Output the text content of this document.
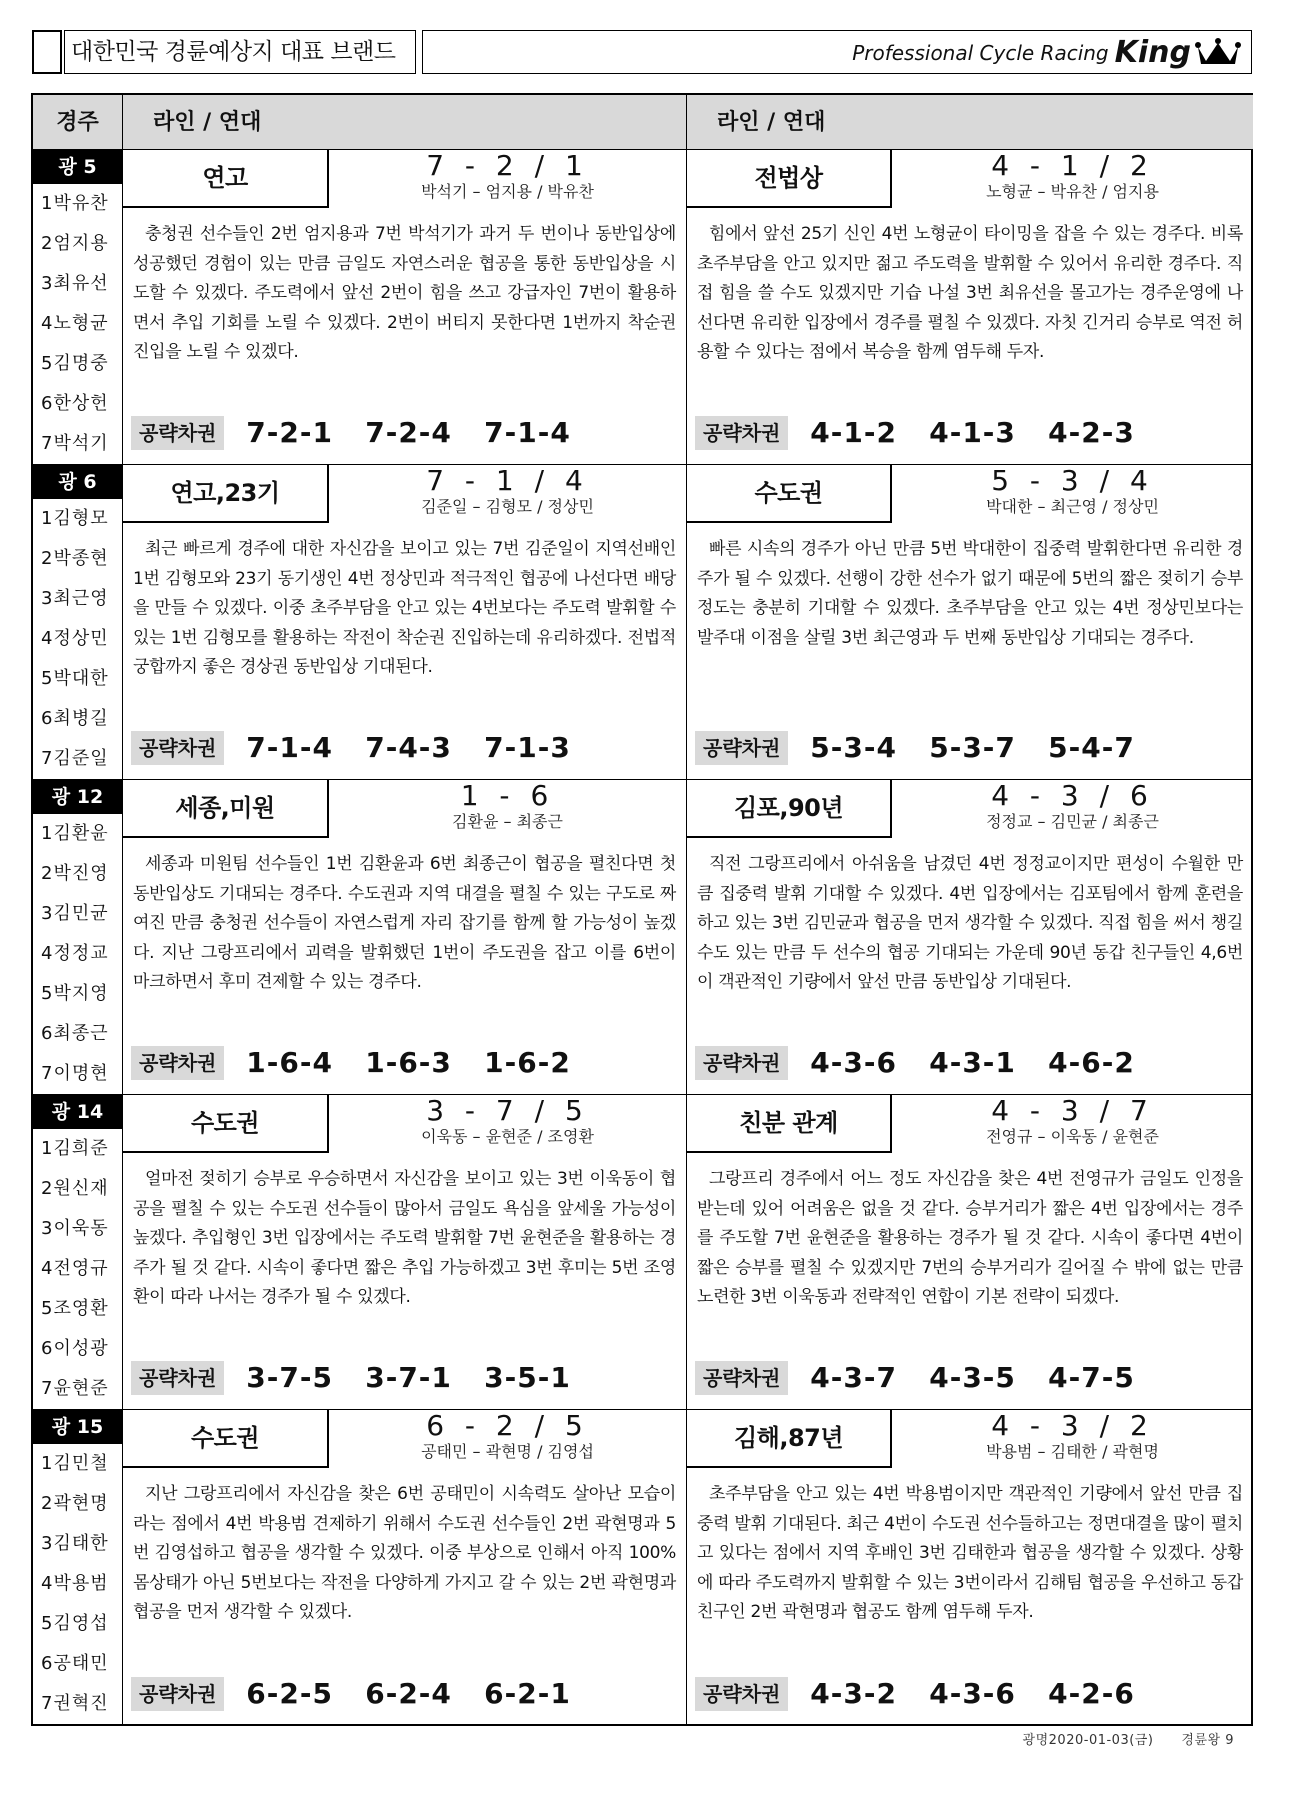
대한민국 경륜예상지 대표 브랜드	Professional Cycle Racing King
경주	라인 / 연대	라인 / 연대
광 5
1박유찬
2엄지용
3최유선
4노형균
5김명중
6한상헌
7박석기
연고	7 - 2 / 1
박석기 – 엄지용 / 박유찬
충청권 선수들인 2번 엄지용과 7번 박석기가 과거 두 번이나 동반입상에 성공했던 경험이 있는 만큼 금일도 자연스러운 협공을 통한 동반입상을 시도할 수 있겠다. 주도력에서 앞선 2번이 힘을 쓰고 강급자인 7번이 활용하면서 추입 기회를 노릴 수 있겠다. 2번이 버티지 못한다면 1번까지 착순권 진입을 노릴 수 있겠다.
공략차권 7-2-1   7-2-4   7-1-4
전법상	4 - 1 / 2
노형균 – 박유찬 / 엄지용
힘에서 앞선 25기 신인 4번 노형균이 타이밍을 잡을 수 있는 경주다. 비록 초주부담을 안고 있지만 젊고 주도력을 발휘할 수 있어서 유리한 경주다. 직접 힘을 쓸 수도 있겠지만 기습 나설 3번 최유선을 몰고가는 경주운영에 나선다면 유리한 입장에서 경주를 펼칠 수 있겠다. 자칫 긴거리 승부로 역전 허용할 수 있다는 점에서 복승을 함께 염두해 두자.
공략차권 4-1-2   4-1-3   4-2-3
광 6
1김형모
2박종현
3최근영
4정상민
5박대한
6최병길
7김준일
연고,23기	7 - 1 / 4
김준일 – 김형모 / 정상민
최근 빠르게 경주에 대한 자신감을 보이고 있는 7번 김준일이 지역선배인 1번 김형모와 23기 동기생인 4번 정상민과 적극적인 협공에 나선다면 배당을 만들 수 있겠다. 이중 초주부담을 안고 있는 4번보다는 주도력 발휘할 수 있는 1번 김형모를 활용하는 작전이 착순권 진입하는데 유리하겠다. 전법적 궁합까지 좋은 경상권 동반입상 기대된다.
공략차권 7-1-4   7-4-3   7-1-3
수도권	5 - 3 / 4
박대한 – 최근영 / 정상민
빠른 시속의 경주가 아닌 만큼 5번 박대한이 집중력 발휘한다면 유리한 경주가 될 수 있겠다. 선행이 강한 선수가 없기 때문에 5번의 짧은 젖히기 승부 정도는 충분히 기대할 수 있겠다. 초주부담을 안고 있는 4번 정상민보다는 발주대 이점을 살릴 3번 최근영과 두 번째 동반입상 기대되는 경주다.
공략차권 5-3-4   5-3-7   5-4-7
광 12
1김환윤
2박진영
3김민균
4정정교
5박지영
6최종근
7이명현
세종,미원	1 - 6
김환윤 – 최종근
세종과 미원팀 선수들인 1번 김환윤과 6번 최종근이 협공을 펼친다면 첫 동반입상도 기대되는 경주다. 수도권과 지역 대결을 펼칠 수 있는 구도로 짜여진 만큼 충청권 선수들이 자연스럽게 자리 잡기를 함께 할 가능성이 높겠다. 지난 그랑프리에서 괴력을 발휘했던 1번이 주도권을 잡고 이를 6번이 마크하면서 후미 견제할 수 있는 경주다.
공략차권 1-6-4   1-6-3   1-6-2
김포,90년	4 - 3 / 6
정정교 – 김민균 / 최종근
직전 그랑프리에서 아쉬움을 남겼던 4번 정정교이지만 편성이 수월한 만큼 집중력 발휘 기대할 수 있겠다. 4번 입장에서는 김포팀에서 함께 훈련을 하고 있는 3번 김민균과 협공을 먼저 생각할 수 있겠다. 직접 힘을 써서 챙길 수도 있는 만큼 두 선수의 협공 기대되는 가운데 90년 동갑 친구들인 4,6번이 객관적인 기량에서 앞선 만큼 동반입상 기대된다.
공략차권 4-3-6   4-3-1   4-6-2
광 14
1김희준
2원신재
3이욱동
4전영규
5조영환
6이성광
7윤현준
수도권	3 - 7 / 5
이욱동 – 윤현준 / 조영환
얼마전 젖히기 승부로 우승하면서 자신감을 보이고 있는 3번 이욱동이 협공을 펼칠 수 있는 수도권 선수들이 많아서 금일도 욕심을 앞세울 가능성이 높겠다. 추입형인 3번 입장에서는 주도력 발휘할 7번 윤현준을 활용하는 경주가 될 것 같다. 시속이 좋다면 짧은 추입 가능하겠고 3번 후미는 5번 조영환이 따라 나서는 경주가 될 수 있겠다.
공략차권 3-7-5   3-7-1   3-5-1
친분 관계	4 - 3 / 7
전영규 – 이욱동 / 윤현준
그랑프리 경주에서 어느 정도 자신감을 찾은 4번 전영규가 금일도 인정을 받는데 있어 어려움은 없을 것 같다. 승부거리가 짧은 4번 입장에서는 경주를 주도할 7번 윤현준을 활용하는 경주가 될 것 같다. 시속이 좋다면 4번이 짧은 승부를 펼칠 수 있겠지만 7번의 승부거리가 길어질 수 밖에 없는 만큼 노련한 3번 이욱동과 전략적인 연합이 기본 전략이 되겠다.
공략차권 4-3-7   4-3-5   4-7-5
광 15
1김민철
2곽현명
3김태한
4박용범
5김영섭
6공태민
7권혁진
수도권	6 - 2 / 5
공태민 – 곽현명 / 김영섭
지난 그랑프리에서 자신감을 찾은 6번 공태민이 시속력도 살아난 모습이라는 점에서 4번 박용범 견제하기 위해서 수도권 선수들인 2번 곽현명과 5번 김영섭하고 협공을 생각할 수 있겠다. 이중 부상으로 인해서 아직 100% 몸상태가 아닌 5번보다는 작전을 다양하게 가지고 갈 수 있는 2번 곽현명과 협공을 먼저 생각할 수 있겠다.
공략차권 6-2-5   6-2-4   6-2-1
김해,87년	4 - 3 / 2
박용범 – 김태한 / 곽현명
초주부담을 안고 있는 4번 박용범이지만 객관적인 기량에서 앞선 만큼 집중력 발휘 기대된다. 최근 4번이 수도권 선수들하고는 정면대결을 많이 펼치고 있다는 점에서 지역 후배인 3번 김태한과 협공을 생각할 수 있겠다. 상황에 따라 주도력까지 발휘할 수 있는 3번이라서 김해팀 협공을 우선하고 동갑친구인 2번 곽현명과 협공도 함께 염두해 두자.
공략차권 4-3-2   4-3-6   4-2-6
광명2020-01-03(금) 경륜왕 9
